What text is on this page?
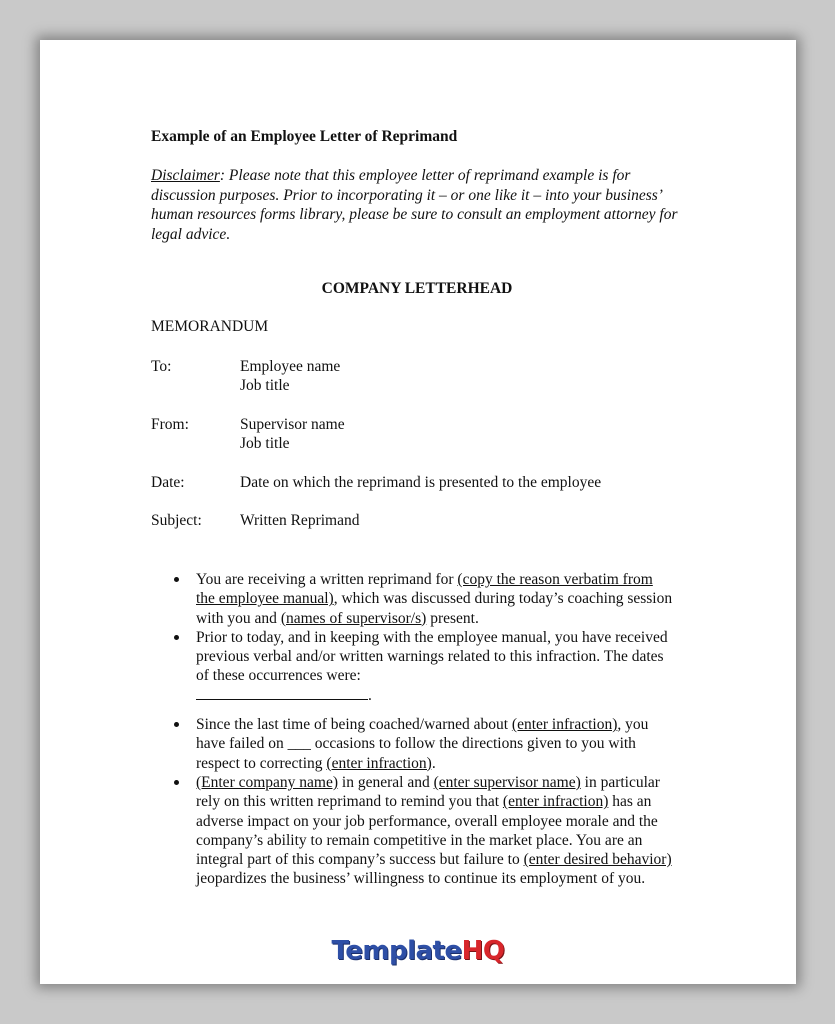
Example of an Employee Letter of Reprimand
Disclaimer: Please note that this employee letter of reprimand example is for discussion purposes. Prior to incorporating it – or one like it – into your business’ human resources forms library, please be sure to consult an employment attorney for legal advice.
COMPANY LETTERHEAD
MEMORANDUM
To:	Employee name
Job title
From:	Supervisor name
Job title
Date:	Date on which the reprimand is presented to the employee
Subject: Written Reprimand

You are receiving a written reprimand for (copy the reason verbatim from the employee manual), which was discussed during today’s coaching session with you and (names of supervisor/s) present.

Prior to today, and in keeping with the employee manual, you have received previous verbal and/or written warnings related to this infraction. The dates of these occurrences were:
.

Since the last time of being coached/warned about (enter infraction), you have failed on ___ occasions to follow the directions given to you with respect to correcting (enter infraction).

(Enter company name) in general and (enter supervisor name) in particular rely on this written reprimand to remind you that (enter infraction) has an adverse impact on your job performance, overall employee morale and the company’s ability to remain competitive in the market place. You are an integral part of this company’s success but failure to (enter desired behavior) jeopardizes the business’ willingness to continue its employment of you.

TemplateHQ
